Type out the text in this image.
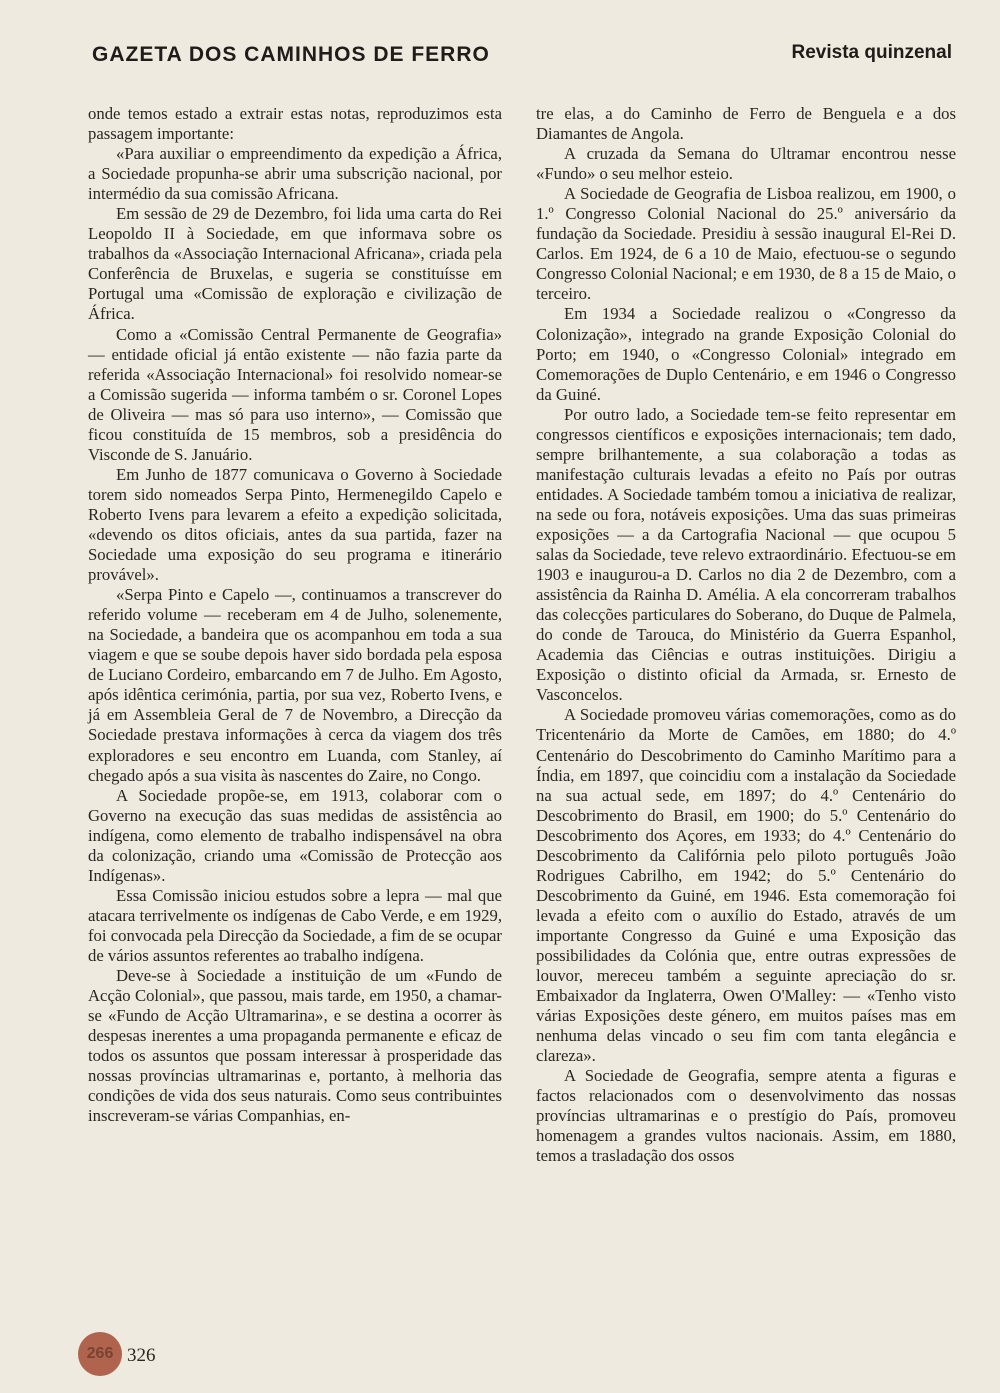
GAZETA DOS CAMINHOS DE FERRO	Revista quinzenal

onde temos estado a extrair estas notas, reproduzimos esta passagem importante:

«Para auxiliar o empreendimento da expedição a África, a Sociedade propunha-se abrir uma subscrição nacional, por intermédio da sua comissão Africana.

Em sessão de 29 de Dezembro, foi lida uma carta do Rei Leopoldo II à Sociedade, em que informava sobre os trabalhos da «Associação Internacional Africana», criada pela Conferência de Bruxelas, e sugeria se constituísse em Portugal uma «Comissão de exploração e civilização de África.

Como a «Comissão Central Permanente de Geografia» — entidade oficial já então existente — não fazia parte da referida «Associação Internacional» foi resolvido nomear-se a Comissão sugerida — informa também o sr. Coronel Lopes de Oliveira — mas só para uso interno», — Comissão que ficou constituída de 15 membros, sob a presidência do Visconde de S. Januário.

Em Junho de 1877 comunicava o Governo à Sociedade torem sido nomeados Serpa Pinto, Hermenegildo Capelo e Roberto Ivens para levarem a efeito a expedição solicitada, «devendo os ditos oficiais, antes da sua partida, fazer na Sociedade uma exposição do seu programa e itinerário provável».

«Serpa Pinto e Capelo —, continuamos a transcrever do referido volume — receberam em 4 de Julho, solenemente, na Sociedade, a bandeira que os acompanhou em toda a sua viagem e que se soube depois haver sido bordada pela esposa de Luciano Cordeiro, embarcando em 7 de Julho. Em Agosto, após idêntica cerimónia, partia, por sua vez, Roberto Ivens, e já em Assembleia Geral de 7 de Novembro, a Direcção da Sociedade prestava informações à cerca da viagem dos três exploradores e seu encontro em Luanda, com Stanley, aí chegado após a sua visita às nascentes do Zaire, no Congo.

A Sociedade propõe-se, em 1913, colaborar com o Governo na execução das suas medidas de assistência ao indígena, como elemento de trabalho indispensável na obra da colonização, criando uma «Comissão de Protecção aos Indígenas».

Essa Comissão iniciou estudos sobre a lepra — mal que atacara terrivelmente os indígenas de Cabo Verde, e em 1929, foi convocada pela Direcção da Sociedade, a fim de se ocupar de vários assuntos referentes ao trabalho indígena.

Deve-se à Sociedade a instituição de um «Fundo de Acção Colonial», que passou, mais tarde, em 1950, a chamar-se «Fundo de Acção Ultramarina», e se destina a ocorrer às despesas inerentes a uma propaganda permanente e eficaz de todos os assuntos que possam interessar à prosperidade das nossas províncias ultramarinas e, portanto, à melhoria das condições de vida dos seus naturais. Como seus contribuintes inscreveram-se várias Companhias, en-

tre elas, a do Caminho de Ferro de Benguela e a dos Diamantes de Angola.

A cruzada da Semana do Ultramar encontrou nesse «Fundo» o seu melhor esteio.

A Sociedade de Geografia de Lisboa realizou, em 1900, o 1.º Congresso Colonial Nacional do 25.º aniversário da fundação da Sociedade. Presidiu à sessão inaugural El-Rei D. Carlos. Em 1924, de 6 a 10 de Maio, efectuou-se o segundo Congresso Colonial Nacional; e em 1930, de 8 a 15 de Maio, o terceiro.

Em 1934 a Sociedade realizou o «Congresso da Colonização», integrado na grande Exposição Colonial do Porto; em 1940, o «Congresso Colonial» integrado em Comemorações de Duplo Centenário, e em 1946 o Congresso da Guiné.

Por outro lado, a Sociedade tem-se feito representar em congressos científicos e exposições internacionais; tem dado, sempre brilhantemente, a sua colaboração a todas as manifestação culturais levadas a efeito no País por outras entidades. A Sociedade também tomou a iniciativa de realizar, na sede ou fora, notáveis exposições. Uma das suas primeiras exposições — a da Cartografia Nacional — que ocupou 5 salas da Sociedade, teve relevo extraordinário. Efectuou-se em 1903 e inaugurou-a D. Carlos no dia 2 de Dezembro, com a assistência da Rainha D. Amélia. A ela concorreram trabalhos das colecções particulares do Soberano, do Duque de Palmela, do conde de Tarouca, do Ministério da Guerra Espanhol, Academia das Ciências e outras instituições. Dirigiu a Exposição o distinto oficial da Armada, sr. Ernesto de Vasconcelos.

A Sociedade promoveu várias comemorações, como as do Tricentenário da Morte de Camões, em 1880; do 4.º Centenário do Descobrimento do Caminho Marítimo para a Índia, em 1897, que coincidiu com a instalação da Sociedade na sua actual sede, em 1897; do 4.º Centenário do Descobrimento do Brasil, em 1900; do 5.º Centenário do Descobrimento dos Açores, em 1933; do 4.º Centenário do Descobrimento da Califórnia pelo piloto português João Rodrigues Cabrilho, em 1942; do 5.º Centenário do Descobrimento da Guiné, em 1946. Esta comemoração foi levada a efeito com o auxílio do Estado, através de um importante Congresso da Guiné e uma Exposição das possibilidades da Colónia que, entre outras expressões de louvor, mereceu também a seguinte apreciação do sr. Embaixador da Inglaterra, Owen O'Malley: — «Tenho visto várias Exposições deste género, em muitos países mas em nenhuma delas vincado o seu fim com tanta elegância e clareza».

A Sociedade de Geografia, sempre atenta a figuras e factos relacionados com o desenvolvimento das nossas províncias ultramarinas e o prestígio do País, promoveu homenagem a grandes vultos nacionais. Assim, em 1880, temos a trasladação dos ossos

266 326
